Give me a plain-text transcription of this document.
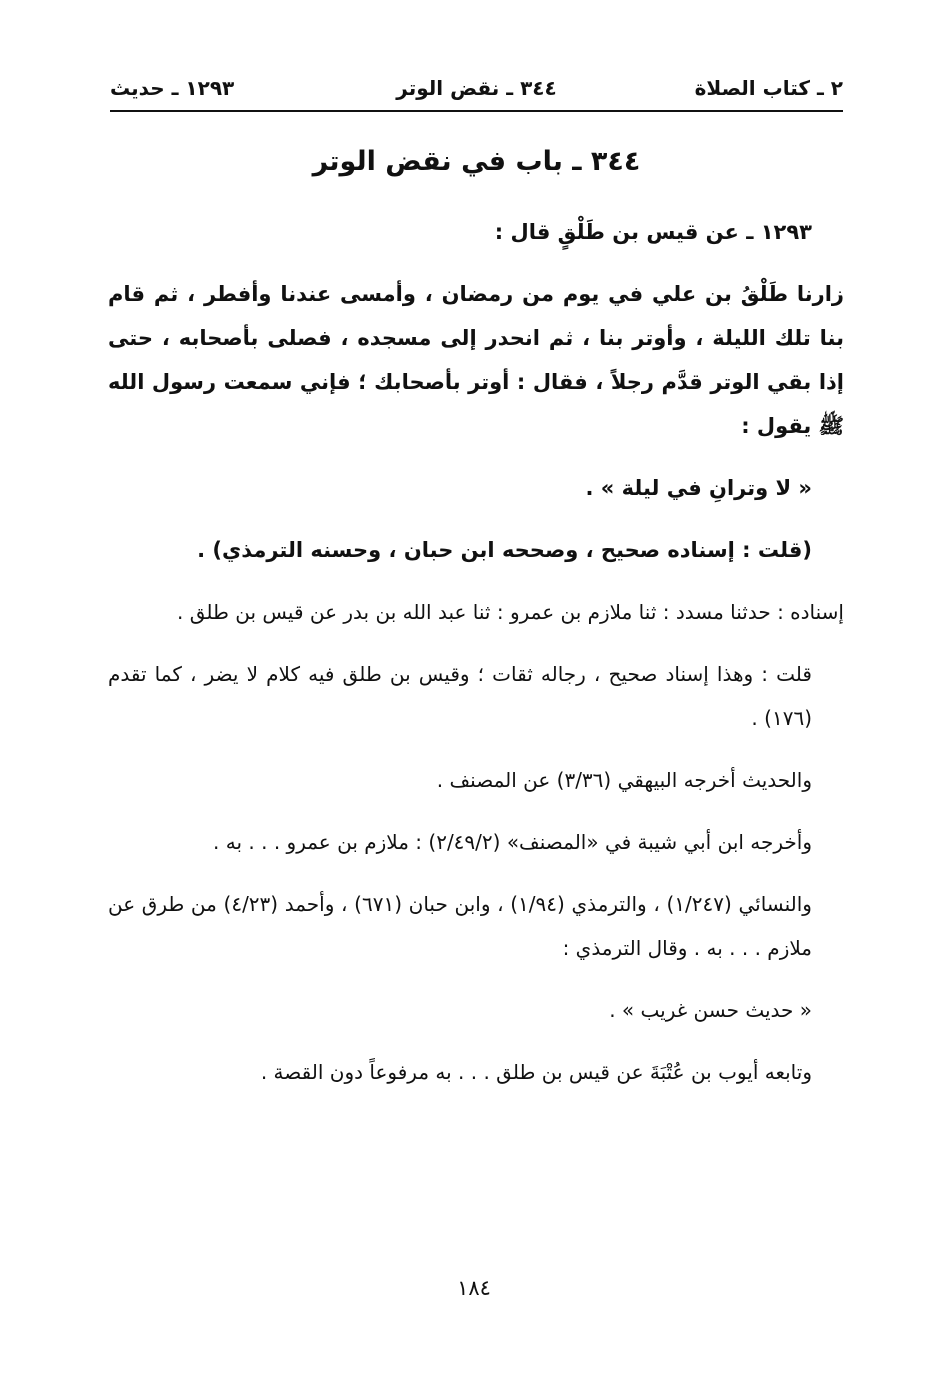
٢ ـ كتاب الصلاة
٣٤٤ ـ نقض الوتر
١٢٩٣ ـ حديث
٣٤٤ ـ باب في نقض الوتر

١٢٩٣ ـ عن قيس بن طَلْقٍ قال :

زارنا طَلْقُ بن علي في يوم من رمضان ، وأمسى عندنا وأفطر ، ثم قام بنا تلك الليلة ، وأوتر بنا ، ثم انحدر إلى مسجده ، فصلى بأصحابه ، حتى إذا بقي الوتر قدَّم رجلاً ، فقال : أوتر بأصحابك ؛ فإني سمعت رسول الله ﷺ يقول :

« لا وترانِ في ليلة » .

(قلت : إسناده صحيح ، وصححه ابن حبان ، وحسنه الترمذي) .

إسناده : حدثنا مسدد : ثنا ملازم بن عمرو : ثنا عبد الله بن بدر عن قيس بن طلق .

قلت : وهذا إسناد صحيح ، رجاله ثقات ؛ وقيس بن طلق فيه كلام لا يضر ، كما تقدم (١٧٦) .

والحديث أخرجه البيهقي (٣/٣٦) عن المصنف .

وأخرجه ابن أبي شيبة في «المصنف» (٢/٤٩/٢) : ملازم بن عمرو . . . به .

والنسائي (١/٢٤٧) ، والترمذي (١/٩٤) ، وابن حبان (٦٧١) ، وأحمد (٤/٢٣) من طرق عن ملازم . . . به . وقال الترمذي :

« حديث حسن غريب » .

وتابعه أيوب بن عُتْبَةَ عن قيس بن طلق . . . به مرفوعاً دون القصة .

١٨٤
